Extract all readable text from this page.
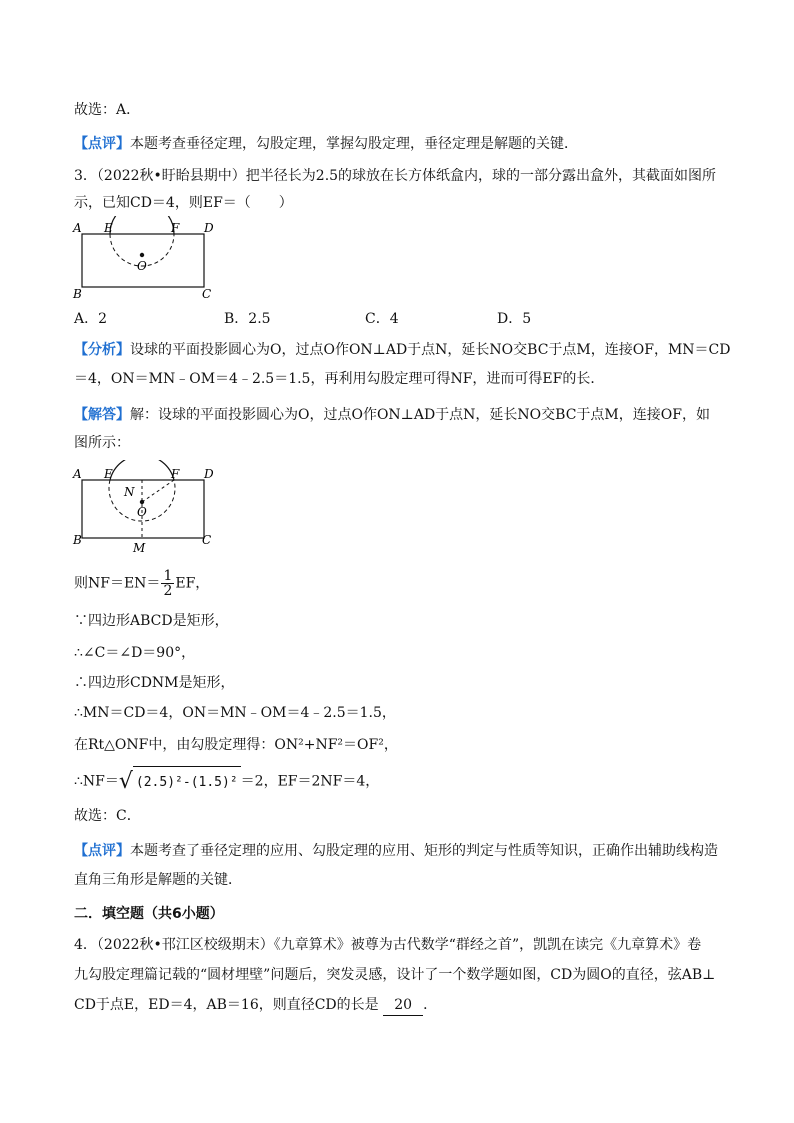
故选：A．
【点评】本题考查垂径定理，勾股定理，掌握勾股定理，垂径定理是解题的关键．
3．（2022秋•盱眙县期中）把半径长为2.5的球放在长方体纸盒内，球的一部分露出盒外，其截面如图所
示，已知CD＝4，则EF＝（　　）
A E	F D
O
B	C
A．2	B．2.5	C．4	D．5
【分析】设球的平面投影圆心为O，过点O作ON⊥AD于点N，延长NO交BC于点M，连接OF，MN＝CD
＝4，ON＝MN﹣OM＝4﹣2.5＝1.5，再利用勾股定理可得NF，进而可得EF的长．
【解答】解：设球的平面投影圆心为O，过点O作ON⊥AD于点N，延长NO交BC于点M，连接OF，如
图所示：
A E	F D
N
O
B	C
M
则$NF=EN= \frac{1}{2}$ EF，
∵四边形ABCD是矩形，
∴∠C＝∠D＝90°，
∴四边形CDNM是矩形，
∴MN＝CD＝4，ON＝MN﹣OM＝4﹣2.5＝1.5，
在Rt△ONF中，由勾股定理得：ON²+NF²＝OF²，
∴NF＝√ (2.5)²-(1.5)² ＝2，EF＝2NF＝4，
故选：C．
【点评】本题考查了垂径定理的应用、勾股定理的应用、矩形的判定与性质等知识，正确作出辅助线构造
直角三角形是解题的关键．
二．填空题（共6小题）
4．（2022秋•邗江区校级期末）《九章算术》被尊为古代数学“群经之首”，凯凯在读完《九章算术》卷
九勾股定理篇记载的“圆材埋壁”问题后，突发灵感，设计了一个数学题如图，CD为圆O的直径，弦AB⊥
CD于点E，ED＝4，AB＝16，则直径CD的长是 20 ．
